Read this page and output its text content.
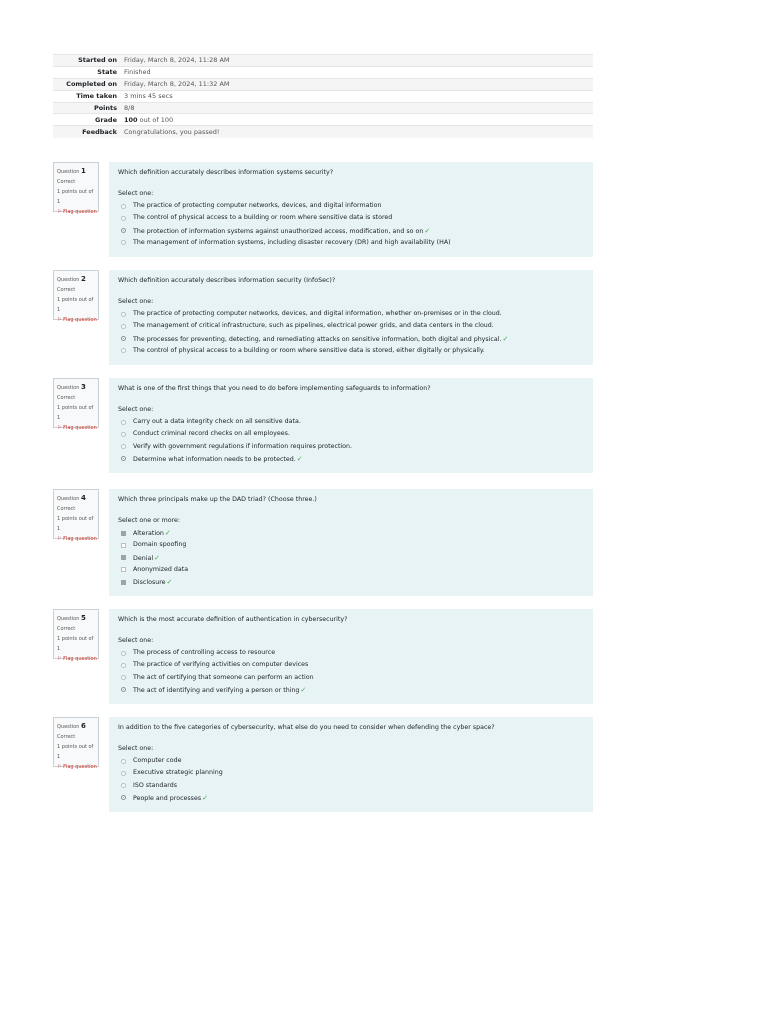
Started on	Friday, March 8, 2024, 11:28 AM
State	Finished
Completed on	Friday, March 8, 2024, 11:32 AM
Time taken	3 mins 45 secs
Points	8/8
Grade	100 out of 100
Feedback	Congratulations, you passed!
Question 1
Correct
1 points out of 1
⚐ Flag question

Which definition accurately describes information systems security?

Select one:

The practice of protecting computer networks, devices, and digital information
The control of physical access to a building or room where sensitive data is stored
The protection of information systems against unauthorized access, modification, and so on✓
The management of information systems, including disaster recovery (DR) and high availability (HA)
Question 2
Correct
1 points out of 1
⚐ Flag question

Which definition accurately describes information security (InfoSec)?

Select one:

The practice of protecting computer networks, devices, and digital information, whether on-premises or in the cloud.
The management of critical infrastructure, such as pipelines, electrical power grids, and data centers in the cloud.
The processes for preventing, detecting, and remediating attacks on sensitive information, both digital and physical.✓
The control of physical access to a building or room where sensitive data is stored, either digitally or physically.
Question 3
Correct
1 points out of 1
⚐ Flag question

What is one of the first things that you need to do before implementing safeguards to information?

Select one:

Carry out a data integrity check on all sensitive data.
Conduct criminal record checks on all employees.
Verify with government regulations if information requires protection.
Determine what information needs to be protected.✓
Question 4
Correct
1 points out of 1
⚐ Flag question

Which three principals make up the DAD triad? (Choose three.)

Select one or more:

Alteration✓
Domain spoofing
Denial✓
Anonymized data
Disclosure✓
Question 5
Correct
1 points out of 1
⚐ Flag question

Which is the most accurate definition of authentication in cybersecurity?

Select one:

The process of controlling access to resource
The practice of verifying activities on computer devices
The act of certifying that someone can perform an action
The act of identifying and verifying a person or thing✓
Question 6
Correct
1 points out of 1
⚐ Flag question

In addition to the five categories of cybersecurity, what else do you need to consider when defending the cyber space?

Select one:

Computer code
Executive strategic planning
ISO standards
People and processes✓
